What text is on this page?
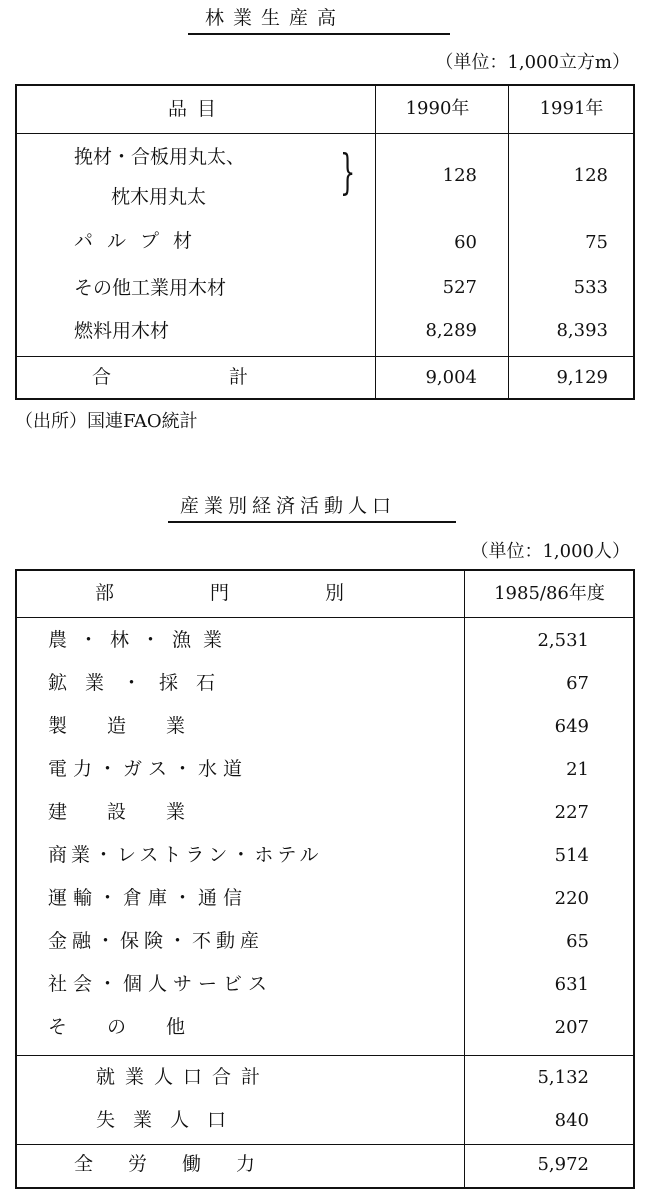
林業生産高
（単位：1,000立方m）
品目	1990年	1991年
挽材・合板用丸太、
枕木用丸太	}	128	128
パルプ材	60	75
その他工業用木材	527	533
燃料用木材	8,289	8,393
合計	9,004	9,129
（出所）国連FAO統計
産業別経済活動人口
（単位：1,000人）
部門別	1985/86年度
農・林・漁業	2,531
鉱業・採石	67
製造業	649
電力・ガス・水道	21
建設業	227
商業・レストラン・ホテル	514
運輸・倉庫・通信	220
金融・保険・不動産	65
社会・個人サービス	631
その他	207
就業人口合計	5,132
失業人口	840
全労働力	5,972
